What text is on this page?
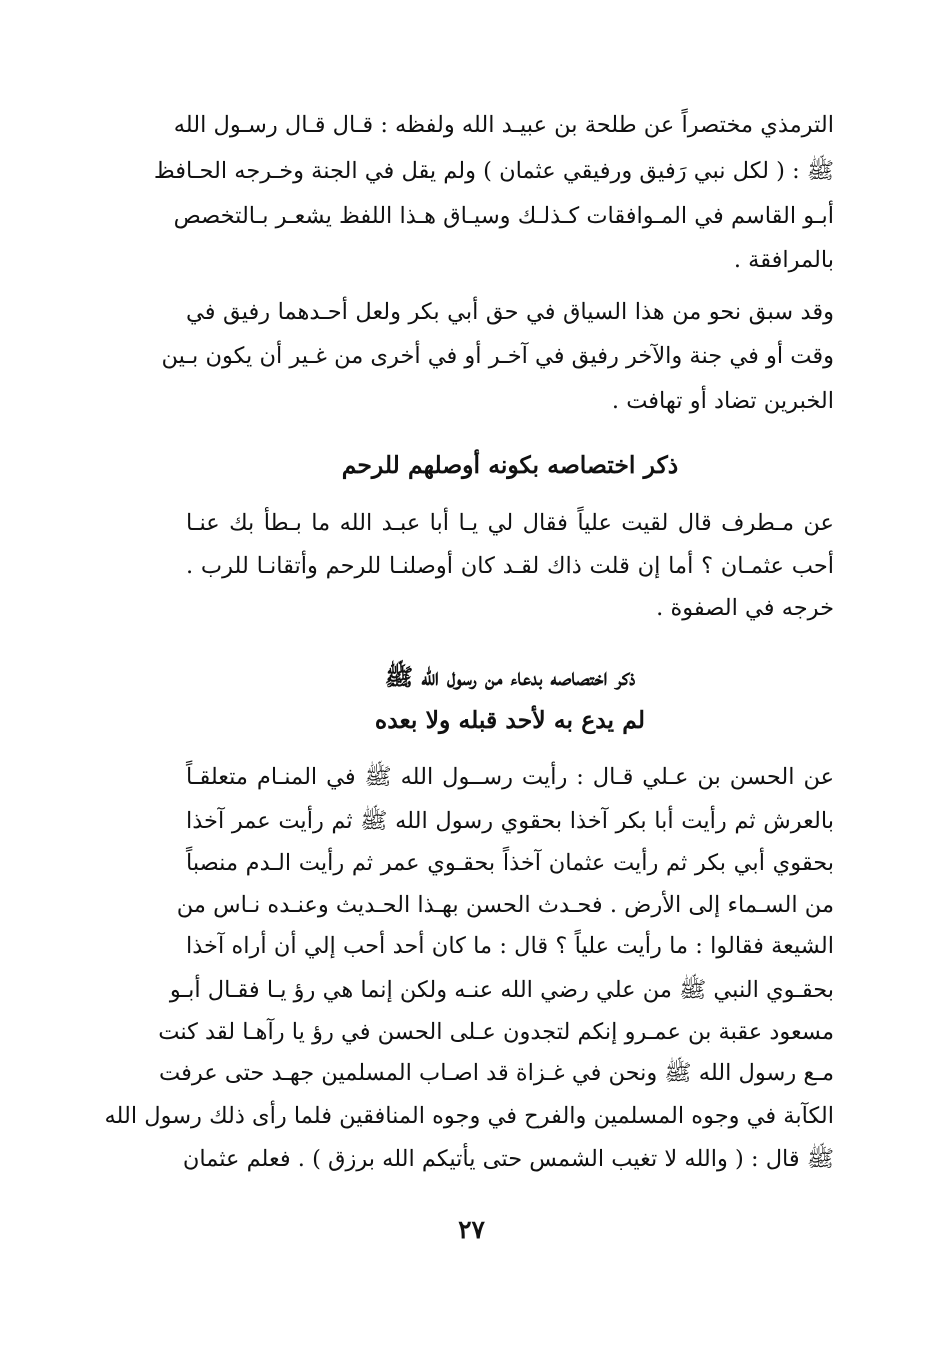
الترمذي مختصراً عن طلحة بن عبيـد الله ولفظه : قـال قـال رسـول الله
ﷺ : ( لكل نبي رَفيق ورفيقي عثمان ) ولم يقل في الجنة وخـرجه الحـافظ
أبـو القاسم في المـوافقات كـذلـك وسيـاق هـذا اللفظ يشعـر بـالتخصص
بالمرافقة .
وقد سبق نحو من هذا السياق في حق أبي بكر ولعل أحـدهما رفيق في
وقت أو في جنة والآخر رفيق في آخـر أو في أخرى من غـير أن يكون بـين
الخبرين تضاد أو تهافت .
ذكر اختصاصه بكونه أوصلهم للرحم
عن مـطرف قال لقيت علياً فقال لي يـا أبا عبـد الله ما بـطأ بك عنـا
أحب عثمـان ؟ أما إن قلت ذاك لقـد كان أوصلنـا للرحم وأتقانـا للرب .
خرجه في الصفوة .
ذكر اختصاصه بدعاء من رسول الله ﷺ
لم يدع به لأحد قبله ولا بعده
عن الحسن بن عـلي قـال : رأيت رســول الله ﷺ في المنـام متعلقـاً
بالعرش ثم رأيت أبا بكر آخذا بحقوي رسول الله ﷺ ثم رأيت عمر آخذا
بحقوي أبي بكر ثم رأيت عثمان آخذاً بحقـوي عمر ثم رأيت الـدم منصباً
من السـماء إلى الأرض . فحـدث الحسن بهـذا الحـديث وعنـده نـاس من
الشيعة فقالوا : ما رأيت علياً ؟ قال : ما كان أحد أحب إلي أن أراه آخذا
بحقـوي النبي ﷺ من علي رضي الله عنـه ولكن إنما هي رؤ يـا فقـال أبـو
مسعود عقبة بن عمـرو إنكم لتجدون عـلى الحسن في رؤ يا رآهـا لقد كنت
مـع رسول الله ﷺ ونحن في غـزاة قد اصـاب المسلمين جهـد حتى عرفت
الكآبة في وجوه المسلمين والفرح في وجوه المنافقين فلما رأى ذلك رسول الله
ﷺ قال : ( والله لا تغيب الشمس حتى يأتيكم الله برزق ) . فعلم عثمان
٢٧
